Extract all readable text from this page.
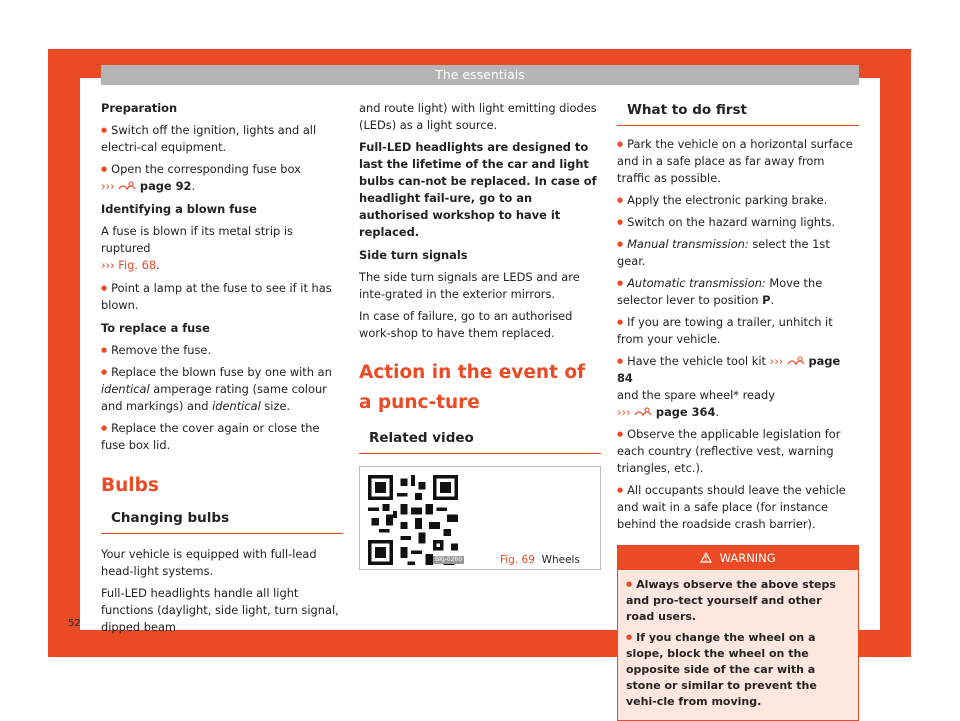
The essentials

Preparation

● Switch off the ignition, lights and all electri-cal equipment.

● Open the corresponding fuse box
››› page 92.

Identifying a blown fuse

A fuse is blown if its metal strip is ruptured
››› Fig. 68.

● Point a lamp at the fuse to see if it has blown.

To replace a fuse

● Remove the fuse.

● Replace the blown fuse by one with an identical amperage rating (same colour and markings) and identical size.

● Replace the cover again or close the fuse box lid.

Bulbs
Changing bulbs

Your vehicle is equipped with full-lead head-light systems.

Full-LED headlights handle all light functions (daylight, side light, turn signal, dipped beam

and route light) with light emitting diodes (LEDs) as a light source.

Full-LED headlights are designed to last the lifetime of the car and light bulbs can-not be replaced. In case of headlight fail-ure, go to an authorised workshop to have it replaced.

Side turn signals

The side turn signals are LEDS and are inte-grated in the exterior mirrors.

In case of failure, go to an authorised work-shop to have them replaced.

Action in the event of a punc-ture
Related video
BKJ-0260	Fig. 69 Wheels
What to do first

● Park the vehicle on a horizontal surface and in a safe place as far away from traffic as possible.

● Apply the electronic parking brake.

● Switch on the hazard warning lights.

● Manual transmission: select the 1st gear.

● Automatic transmission: Move the selector lever to position P.

● If you are towing a trailer, unhitch it from your vehicle.

● Have the vehicle tool kit ››› page 84
and the spare wheel* ready
››› page 364.

● Observe the applicable legislation for each country (reflective vest, warning triangles, etc.).

● All occupants should leave the vehicle and wait in a safe place (for instance behind the roadside crash barrier).

WARNING

● Always observe the above steps and pro-tect yourself and other road users.

● If you change the wheel on a slope, block the wheel on the opposite side of the car with a stone or similar to prevent the vehi-cle from moving.

52
